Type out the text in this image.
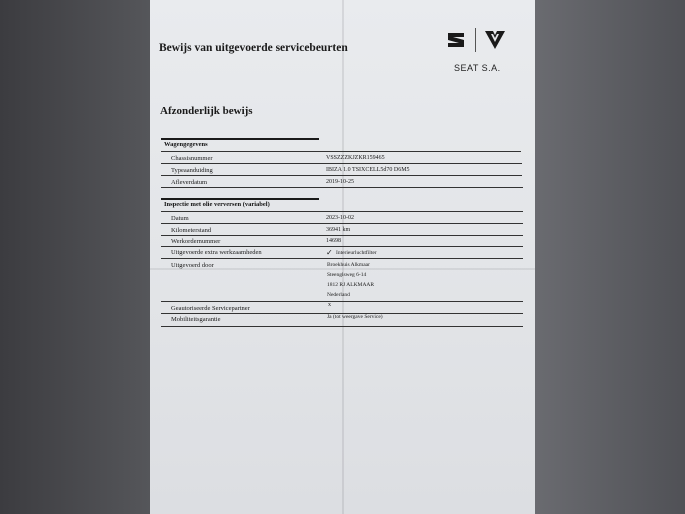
Bewijs van uitgevoerde servicebeurten
SEAT S.A.
Afzonderlijk bewijs
Wagengegevens
Chassisnummer	VSSZZZKJZKR159465
Typeaanduiding	IBIZA 1.0 TSIXCELL5d70 D6M5
Afleverdatum	2019-10-25
Inspectie met olie verversen (variabel)
Datum	2023-10-02
Kilometerstand	36941 km
Werkordernummer	14698
Uitgevoerde extra werkzaamheden	✓ Interieurluchtfilter
Uitgevoerd door	Broekhuis Alkmaar
Steenglsweg 6-14
1812 RJ ALKMAAR
Nederland
Geautoriseerde Servicepartner	x
Mobiliteitsgarantie	Ja (tot weergave Service)
